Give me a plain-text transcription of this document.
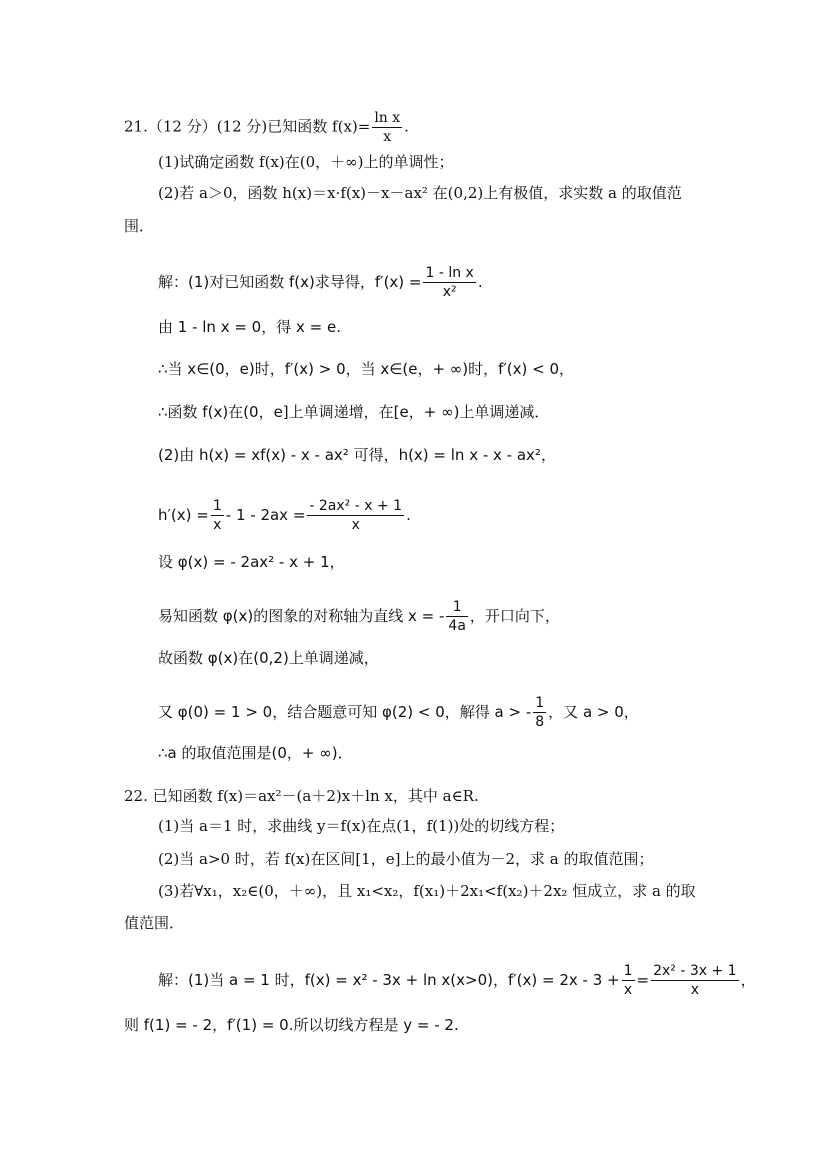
21.（12 分）(12 分)已知函数 $f(x)= \frac{\text{ln x}}{x}$ .
(1)试确定函数 f(x)在(0，＋∞)上的单调性；
(2)若 a＞0，函数 h(x)＝x·f(x)－x－ax² 在(0,2)上有极值，求实数 a 的取值范
围．
解：(1)对已知函数 f(x)求导得，$f'(x) = \frac{\text{1 - ln x}}{\text{x²}}$ .
由 1 - ln x = 0，得 x = e.
∴当 x∈(0，e)时，f′(x) > 0，当 x∈(e，+ ∞)时，f′(x) < 0，
∴函数 f(x)在(0，e]上单调递增，在[e，+ ∞)上单调递减．
(2)由 h(x) = xf(x) - x - ax² 可得，h(x) = ln x - x - ax²，
$h'(x) = \frac{1}{x} - 1 - 2ax = \frac{\text{- 2ax² - x + 1}}{x}$ .
设 φ(x) = - 2ax² - x + 1，
易知函数 φ(x)的图象的对称轴为直线 x = - $\frac{1}{4a}$ ，开口向下，
故函数 φ(x)在(0,2)上单调递减，
又 φ(0) = 1 > 0，结合题意可知 φ(2) < 0，解得 a > - $\frac{1}{8}$ ，又 a > 0，
∴a 的取值范围是(0，+ ∞)．
22. 已知函数 f(x)＝ax²－(a＋2)x＋ln x，其中 a∈R.
(1)当 a＝1 时，求曲线 y＝f(x)在点(1，f(1))处的切线方程；
(2)当 a>0 时，若 f(x)在区间[1，e]上的最小值为－2，求 a 的取值范围；
(3)若∀x₁，x₂∈(0，＋∞)，且 x₁<x₂，f(x₁)＋2x₁<f(x₂)＋2x₂ 恒成立，求 a 的取
值范围．
解：(1)当 a = 1 时，f(x) = x² - 3x + ln x(x>0)，$f'(x) = 2x - 3 + \frac{1}{x} = \frac{\text{2x² - 3x + 1}}{x}$ ，
则 f(1) = - 2，f′(1) = 0.所以切线方程是 y = - 2.
